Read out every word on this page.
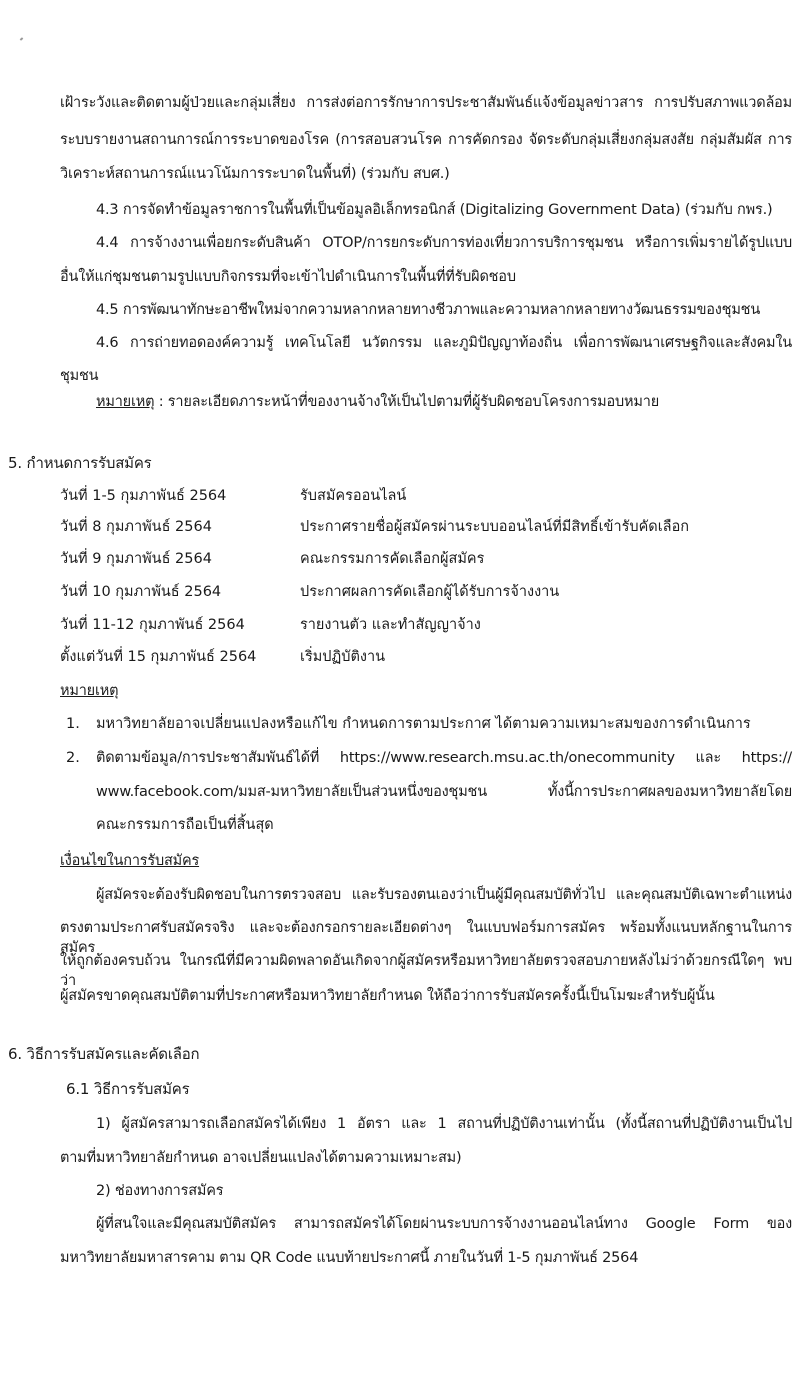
เฝ้าระวังและติดตามผู้ป่วยและกลุ่มเสี่ยง การส่งต่อการรักษาการประชาสัมพันธ์แจ้งข้อมูลข่าวสาร การปรับสภาพแวดล้อม
ระบบรายงานสถานการณ์การระบาดของโรค (การสอบสวนโรค การคัดกรอง จัดระดับกลุ่มเสี่ยงกลุ่มสงสัย กลุ่มสัมผัส การ
วิเคราะห์สถานการณ์แนวโน้มการระบาดในพื้นที่) (ร่วมกับ สบศ.)
4.3 การจัดทำข้อมูลราชการในพื้นที่เป็นข้อมูลอิเล็กทรอนิกส์ (Digitalizing Government Data) (ร่วมกับ กพร.)
4.4 การจ้างงานเพื่อยกระดับสินค้า OTOP/การยกระดับการท่องเที่ยวการบริการชุมชน หรือการเพิ่มรายได้รูปแบบ
อื่นให้แก่ชุมชนตามรูปแบบกิจกรรมที่จะเข้าไปดำเนินการในพื้นที่ที่รับผิดชอบ
4.5 การพัฒนาทักษะอาชีพใหม่จากความหลากหลายทางชีวภาพและความหลากหลายทางวัฒนธรรมของชุมชน
4.6 การถ่ายทอดองค์ความรู้ เทคโนโลยี นวัตกรรม และภูมิปัญญาท้องถิ่น เพื่อการพัฒนาเศรษฐกิจและสังคมใน
ชุมชน
หมายเหตุ : รายละเอียดภาระหน้าที่ของงานจ้างให้เป็นไปตามที่ผู้รับผิดชอบโครงการมอบหมาย
5. กำหนดการรับสมัคร
วันที่ 1-5 กุมภาพันธ์ 2564	รับสมัครออนไลน์
วันที่ 8 กุมภาพันธ์ 2564	ประกาศรายชื่อผู้สมัครผ่านระบบออนไลน์ที่มีสิทธิ์เข้ารับคัดเลือก
วันที่ 9 กุมภาพันธ์ 2564	คณะกรรมการคัดเลือกผู้สมัคร
วันที่ 10 กุมภาพันธ์ 2564	ประกาศผลการคัดเลือกผู้ได้รับการจ้างงาน
วันที่ 11-12 กุมภาพันธ์ 2564	รายงานตัว และทำสัญญาจ้าง
ตั้งแต่วันที่ 15 กุมภาพันธ์ 2564	เริ่มปฏิบัติงาน
หมายเหตุ
1. มหาวิทยาลัยอาจเปลี่ยนแปลงหรือแก้ไข กำหนดการตามประกาศ ได้ตามความเหมาะสมของการดำเนินการ
2. ติดตามข้อมูล/การประชาสัมพันธ์ได้ที่ https://www.research.msu.ac.th/onecommunity และ https://
www.facebook.com/มมส-มหาวิทยาลัยเป็นส่วนหนึ่งของชุมชน ทั้งนี้การประกาศผลของมหาวิทยาลัยโดย
คณะกรรมการถือเป็นที่สิ้นสุด
เงื่อนไขในการรับสมัคร
ผู้สมัครจะต้องรับผิดชอบในการตรวจสอบ และรับรองตนเองว่าเป็นผู้มีคุณสมบัติทั่วไป และคุณสมบัติเฉพาะตำแหน่ง
ตรงตามประกาศรับสมัครจริง และจะต้องกรอกรายละเอียดต่างๆ ในแบบฟอร์มการสมัคร พร้อมทั้งแนบหลักฐานในการสมัคร
ให้ถูกต้องครบถ้วน ในกรณีที่มีความผิดพลาดอันเกิดจากผู้สมัครหรือมหาวิทยาลัยตรวจสอบภายหลังไม่ว่าด้วยกรณีใดๆ พบว่า
ผู้สมัครขาดคุณสมบัติตามที่ประกาศหรือมหาวิทยาลัยกำหนด ให้ถือว่าการรับสมัครครั้งนี้เป็นโมฆะสำหรับผู้นั้น
6. วิธีการรับสมัครและคัดเลือก
6.1 วิธีการรับสมัคร
1) ผู้สมัครสามารถเลือกสมัครได้เพียง 1 อัตรา และ 1 สถานที่ปฏิบัติงานเท่านั้น (ทั้งนี้สถานที่ปฏิบัติงานเป็นไป
ตามที่มหาวิทยาลัยกำหนด อาจเปลี่ยนแปลงได้ตามความเหมาะสม)
2) ช่องทางการสมัคร
ผู้ที่สนใจและมีคุณสมบัติสมัคร สามารถสมัครได้โดยผ่านระบบการจ้างงานออนไลน์ทาง Google Form ของ
มหาวิทยาลัยมหาสารคาม ตาม QR Code แนบท้ายประกาศนี้ ภายในวันที่ 1-5 กุมภาพันธ์ 2564
